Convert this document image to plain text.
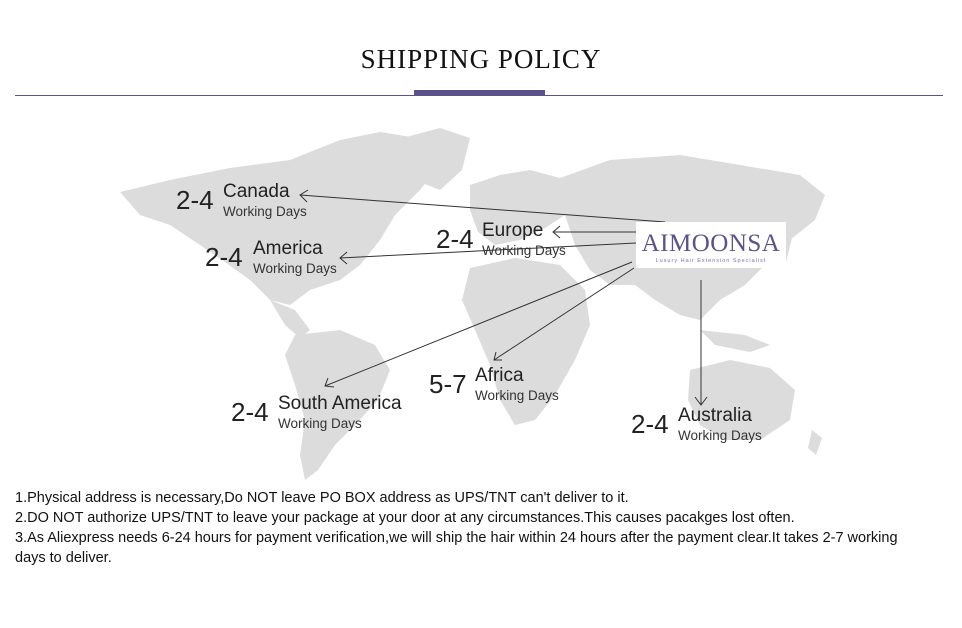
SHIPPING POLICY
AIMOONSA
Luxury Hair Extension Specialist
2-4 Canada
Working Days
2-4 Europe
Working Days
2-4 America
Working Days
2-4 South America
Working Days
5-7 Africa
Working Days
2-4 Australia
Working Days

1.Physical address is necessary,Do NOT leave PO BOX address as UPS/TNT can't deliver to it.

2.DO NOT authorize UPS/TNT to leave your package at your door at any circumstances.This causes pacakges lost often.

3.As Aliexpress needs 6-24 hours for payment verification,we will ship the hair within 24 hours after the payment clear.It takes 2-7 working days to deliver.
